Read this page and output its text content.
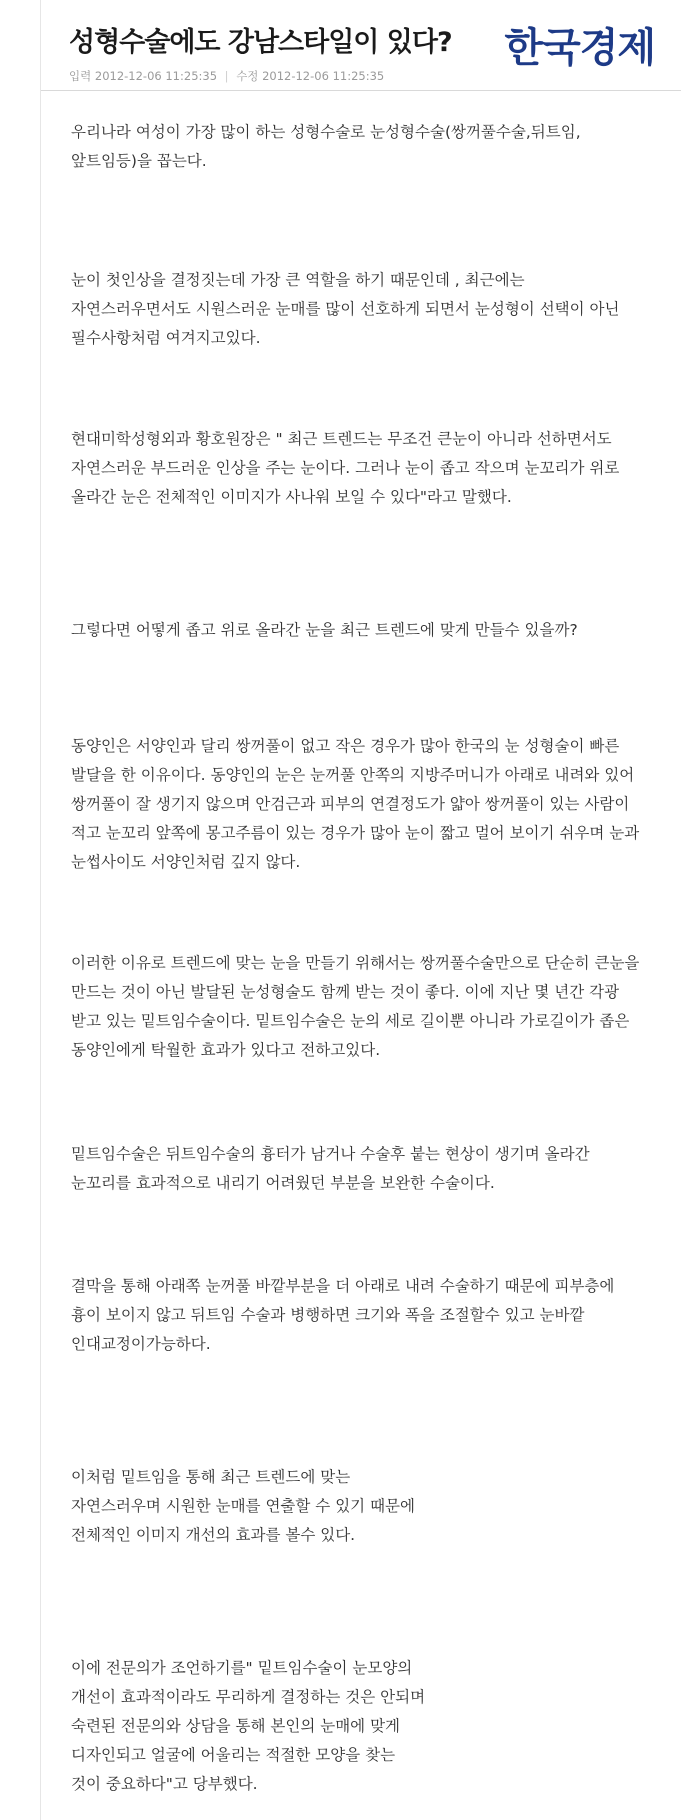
성형수술에도 강남스타일이 있다? 한국경제
입력 2012-12-06 11:25:35 | 수정 2012-12-06 11:25:35

우리나라 여성이 가장 많이 하는 성형수술로 눈성형수술(쌍꺼풀수술,뒤트임,앞트임등)을 꼽는다.

눈이 첫인상을 결정짓는데 가장 큰 역할을 하기 때문인데 , 최근에는 자연스러우면서도 시원스러운 눈매를 많이 선호하게 되면서 눈성형이 선택이 아닌 필수사항처럼 여겨지고있다.

현대미학성형외과 황호원장은 " 최근 트렌드는 무조건 큰눈이 아니라 선하면서도 자연스러운 부드러운 인상을 주는 눈이다. 그러나 눈이 좁고 작으며 눈꼬리가 위로 올라간 눈은 전체적인 이미지가 사나워 보일 수 있다"라고 말했다.

그렇다면 어떻게 좁고 위로 올라간 눈을 최근 트렌드에 맞게 만들수 있을까?

동양인은 서양인과 달리 쌍꺼풀이 없고 작은 경우가 많아 한국의 눈 성형술이 빠른 발달을 한 이유이다. 동양인의 눈은 눈꺼풀 안쪽의 지방주머니가 아래로 내려와 있어 쌍꺼풀이 잘 생기지 않으며 안검근과 피부의 연결정도가 얇아 쌍꺼풀이 있는 사람이 적고 눈꼬리 앞쪽에 몽고주름이 있는 경우가 많아 눈이 짧고 멀어 보이기 쉬우며 눈과 눈썹사이도 서양인처럼 깊지 않다.

이러한 이유로 트렌드에 맞는 눈을 만들기 위해서는 쌍꺼풀수술만으로 단순히 큰눈을 만드는 것이 아닌 발달된 눈성형술도 함께 받는 것이 좋다. 이에 지난 몇 년간 각광 받고 있는 밑트임수술이다. 밑트임수술은 눈의 세로 길이뿐 아니라 가로길이가 좁은 동양인에게 탁월한 효과가 있다고 전하고있다.

밑트임수술은 뒤트임수술의 흉터가 남거나 수술후 붙는 현상이 생기며 올라간 눈꼬리를 효과적으로 내리기 어려웠던 부분을 보완한 수술이다.

결막을 통해 아래쪽 눈꺼풀 바깥부분을 더 아래로 내려 수술하기 때문에 피부층에 흉이 보이지 않고 뒤트임 수술과 병행하면 크기와 폭을 조절할수 있고 눈바깥 인대교정이가능하다.

이처럼 밑트임을 통해 최근 트렌드에 맞는 자연스러우며 시원한 눈매를 연출할 수 있기 때문에 전체적인 이미지 개선의 효과를 볼수 있다.

이에 전문의가 조언하기를" 밑트임수술이 눈모양의 개선이 효과적이라도 무리하게 결정하는 것은 안되며 숙련된 전문의와 상담을 통해 본인의 눈매에 맞게 디자인되고 얼굴에 어울리는 적절한 모양을 찾는 것이 중요하다"고 당부했다.
